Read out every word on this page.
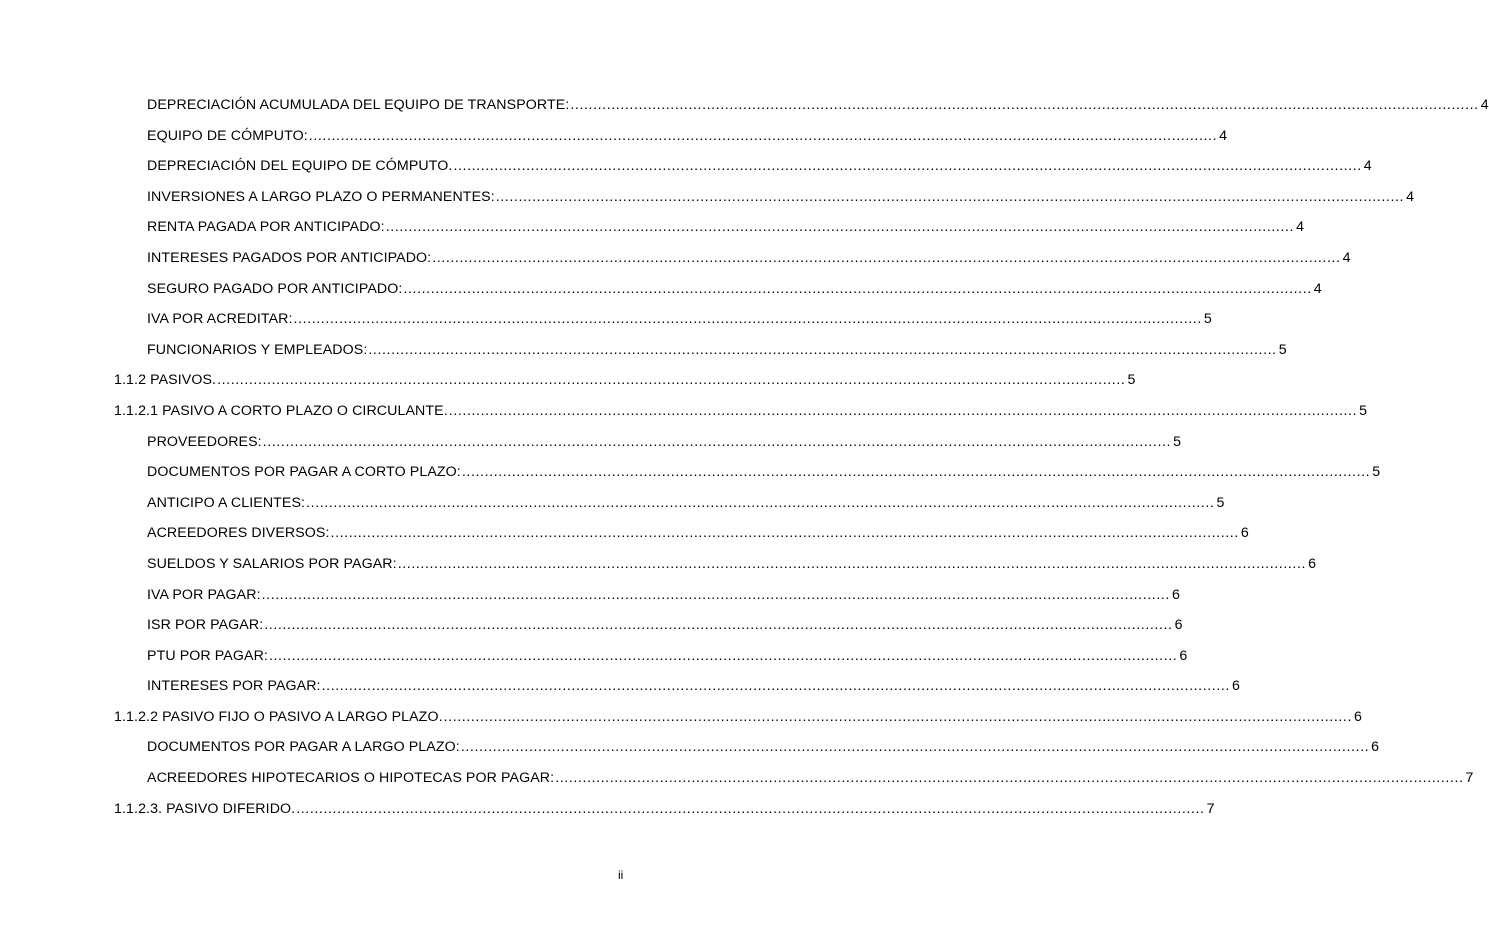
DEPRECIACIÓN ACUMULADA DEL EQUIPO DE TRANSPORTE: ........................................................................................................................................................................................................ 4
EQUIPO DE CÓMPUTO: ........................................................................................................................................................................................................ 4
DEPRECIACIÓN DEL EQUIPO DE CÓMPUTO. ........................................................................................................................................................................................................ 4
INVERSIONES A LARGO PLAZO O PERMANENTES: ........................................................................................................................................................................................................ 4
RENTA PAGADA POR ANTICIPADO: ........................................................................................................................................................................................................ 4
INTERESES PAGADOS POR ANTICIPADO: ........................................................................................................................................................................................................ 4
SEGURO PAGADO POR ANTICIPADO: ........................................................................................................................................................................................................ 4
IVA POR ACREDITAR: ........................................................................................................................................................................................................ 5
FUNCIONARIOS Y EMPLEADOS: ........................................................................................................................................................................................................ 5
1.1.2 PASIVOS. ........................................................................................................................................................................................................ 5
1.1.2.1 PASIVO A CORTO PLAZO O CIRCULANTE. ........................................................................................................................................................................................................ 5
PROVEEDORES: ........................................................................................................................................................................................................ 5
DOCUMENTOS POR PAGAR A CORTO PLAZO: ........................................................................................................................................................................................................ 5
ANTICIPO A CLIENTES: ........................................................................................................................................................................................................ 5
ACREEDORES DIVERSOS: ........................................................................................................................................................................................................ 6
SUELDOS Y SALARIOS POR PAGAR: ........................................................................................................................................................................................................ 6
IVA POR PAGAR: ........................................................................................................................................................................................................ 6
ISR POR PAGAR: ........................................................................................................................................................................................................ 6
PTU POR PAGAR: ........................................................................................................................................................................................................ 6
INTERESES POR PAGAR: ........................................................................................................................................................................................................ 6
1.1.2.2 PASIVO FIJO O PASIVO A LARGO PLAZO. ........................................................................................................................................................................................................ 6
DOCUMENTOS POR PAGAR A LARGO PLAZO: ........................................................................................................................................................................................................ 6
ACREEDORES HIPOTECARIOS O HIPOTECAS POR PAGAR: ........................................................................................................................................................................................................ 7
1.1.2.3. PASIVO DIFERIDO. ........................................................................................................................................................................................................ 7
ii
